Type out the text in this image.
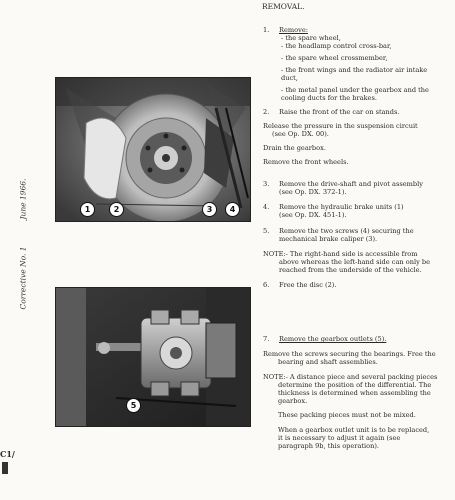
REMOVAL.
June 1966.
Corrective No. 1
C1/
1	2	3	4
5
1. Remove:
- the spare wheel,
- the headlamp control cross-bar,
- the spare wheel crossmember,
- the front wings and the radiator air intake
duct,
- the metal panel under the gearbox and the
cooling ducts for the brakes.
2. Raise the front of the car on stands.
Release the pressure in the suspension circuit
(see Op. DX. 00).
Drain the gearbox.
Remove the front wheels.
3. Remove the drive-shaft and pivot assembly
(see Op. DX. 372-1).
4. Remove the hydraulic brake units (1)
(see Op. DX. 451-1).
5. Remove the two screws (4) securing the
mechanical brake caliper (3).
NOTE:- The right-hand side is accessible from
above whereas the left-hand side can only be
reached from the underside of the vehicle.
6. Free the disc (2).
7. Remove the gearbox outlets (5).
Remove the screws securing the bearings. Free the
bearing and shaft assemblies.
NOTE:- A distance piece and several packing pieces
determine the position of the differential. The
thickness is determined when assembling the
gearbox.
These packing pieces must not be mixed.
When a gearbox outlet unit is to be replaced,
it is necessary to adjust it again (see
paragraph 9b, this operation).
